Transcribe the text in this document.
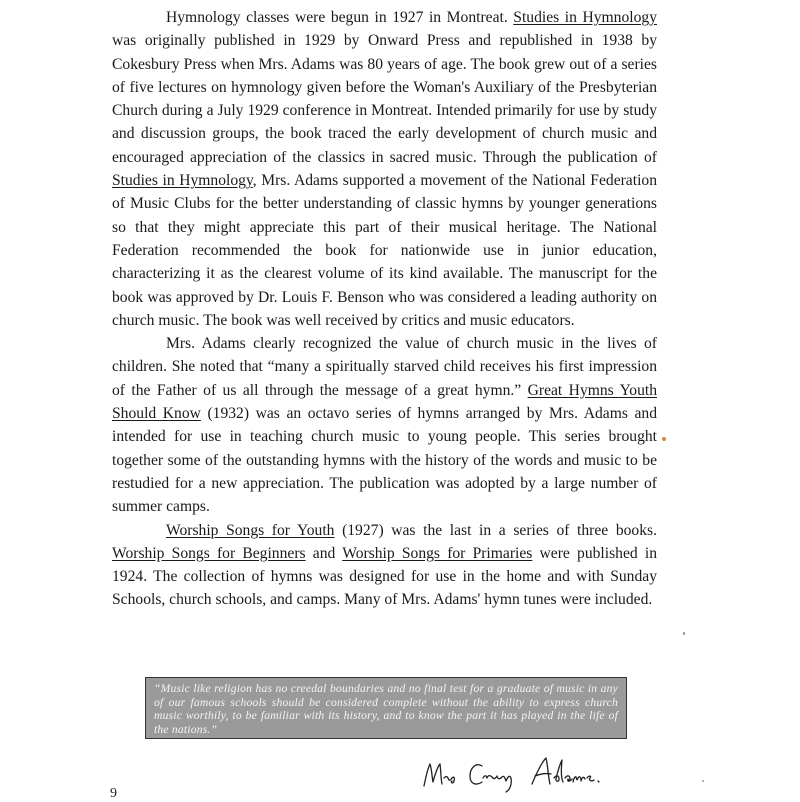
Hymnology classes were begun in 1927 in Montreat. Studies in Hymnology was originally published in 1929 by Onward Press and republished in 1938 by Cokesbury Press when Mrs. Adams was 80 years of age. The book grew out of a series of five lectures on hymnology given before the Woman's Auxiliary of the Presbyterian Church during a July 1929 conference in Montreat. Intended primarily for use by study and discussion groups, the book traced the early development of church music and encouraged appreciation of the classics in sacred music. Through the publication of Studies in Hymnology, Mrs. Adams supported a movement of the National Federation of Music Clubs for the better understanding of classic hymns by younger generations so that they might appreciate this part of their musical heritage. The National Federation recommended the book for nationwide use in junior education, characterizing it as the clearest volume of its kind available. The manuscript for the book was approved by Dr. Louis F. Benson who was considered a leading authority on church music. The book was well received by critics and music educators.

Mrs. Adams clearly recognized the value of church music in the lives of children. She noted that “many a spiritually starved child receives his first impression of the Father of us all through the message of a great hymn.” Great Hymns Youth Should Know (1932) was an octavo series of hymns arranged by Mrs. Adams and intended for use in teaching church music to young people. This series brought together some of the outstanding hymns with the history of the words and music to be restudied for a new appreciation. The publication was adopted by a large number of summer camps.

Worship Songs for Youth (1927) was the last in a series of three books. Worship Songs for Beginners and Worship Songs for Primaries were published in 1924. The collection of hymns was designed for use in the home and with Sunday Schools, church schools, and camps. Many of Mrs. Adams' hymn tunes were included.

“Music like religion has no creedal boundaries and no final test for a graduate of music in any of our famous schools should be considered complete without the ability to express church music worthily, to be familiar with its history, and to know the part it has played in the life of the nations.”
9
